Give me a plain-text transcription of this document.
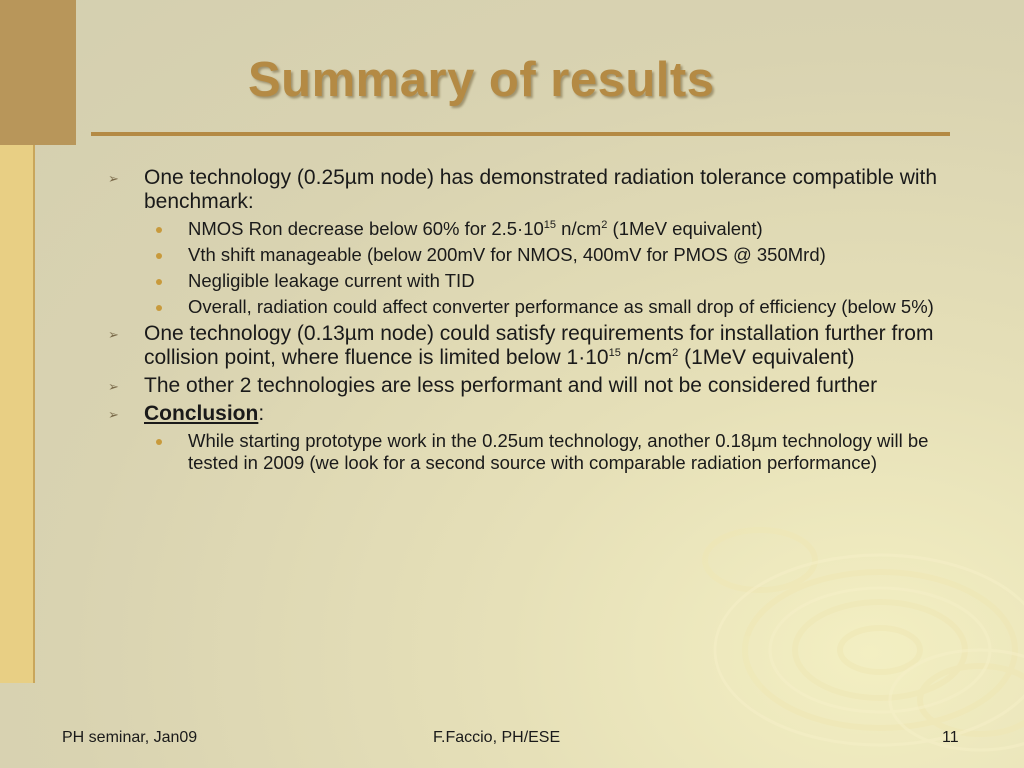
Summary of results
➢ One technology (0.25µm node) has demonstrated radiation tolerance compatible with benchmark:
NMOS Ron decrease below 60% for $2.5\cdot 10^{15}$ $n/cm^2$ (1MeV equivalent)
Vth shift manageable (below 200mV for NMOS, 400mV for PMOS @ 350Mrd)
Negligible leakage current with TID
Overall, radiation could affect converter performance as small drop of efficiency (below 5%)
➢ One technology (0.13µm node) could satisfy requirements for installation further from collision point, where fluence is limited below $1\cdot 10^{15}$ $n/cm^2$ (1MeV equivalent)
➢ The other 2 technologies are less performant and will not be considered further
➢ Conclusion:
While starting prototype work in the 0.25um technology, another 0.18µm technology will be tested in 2009 (we look for a second source with comparable radiation performance)
PH seminar, Jan09	F.Faccio, PH/ESE	11
